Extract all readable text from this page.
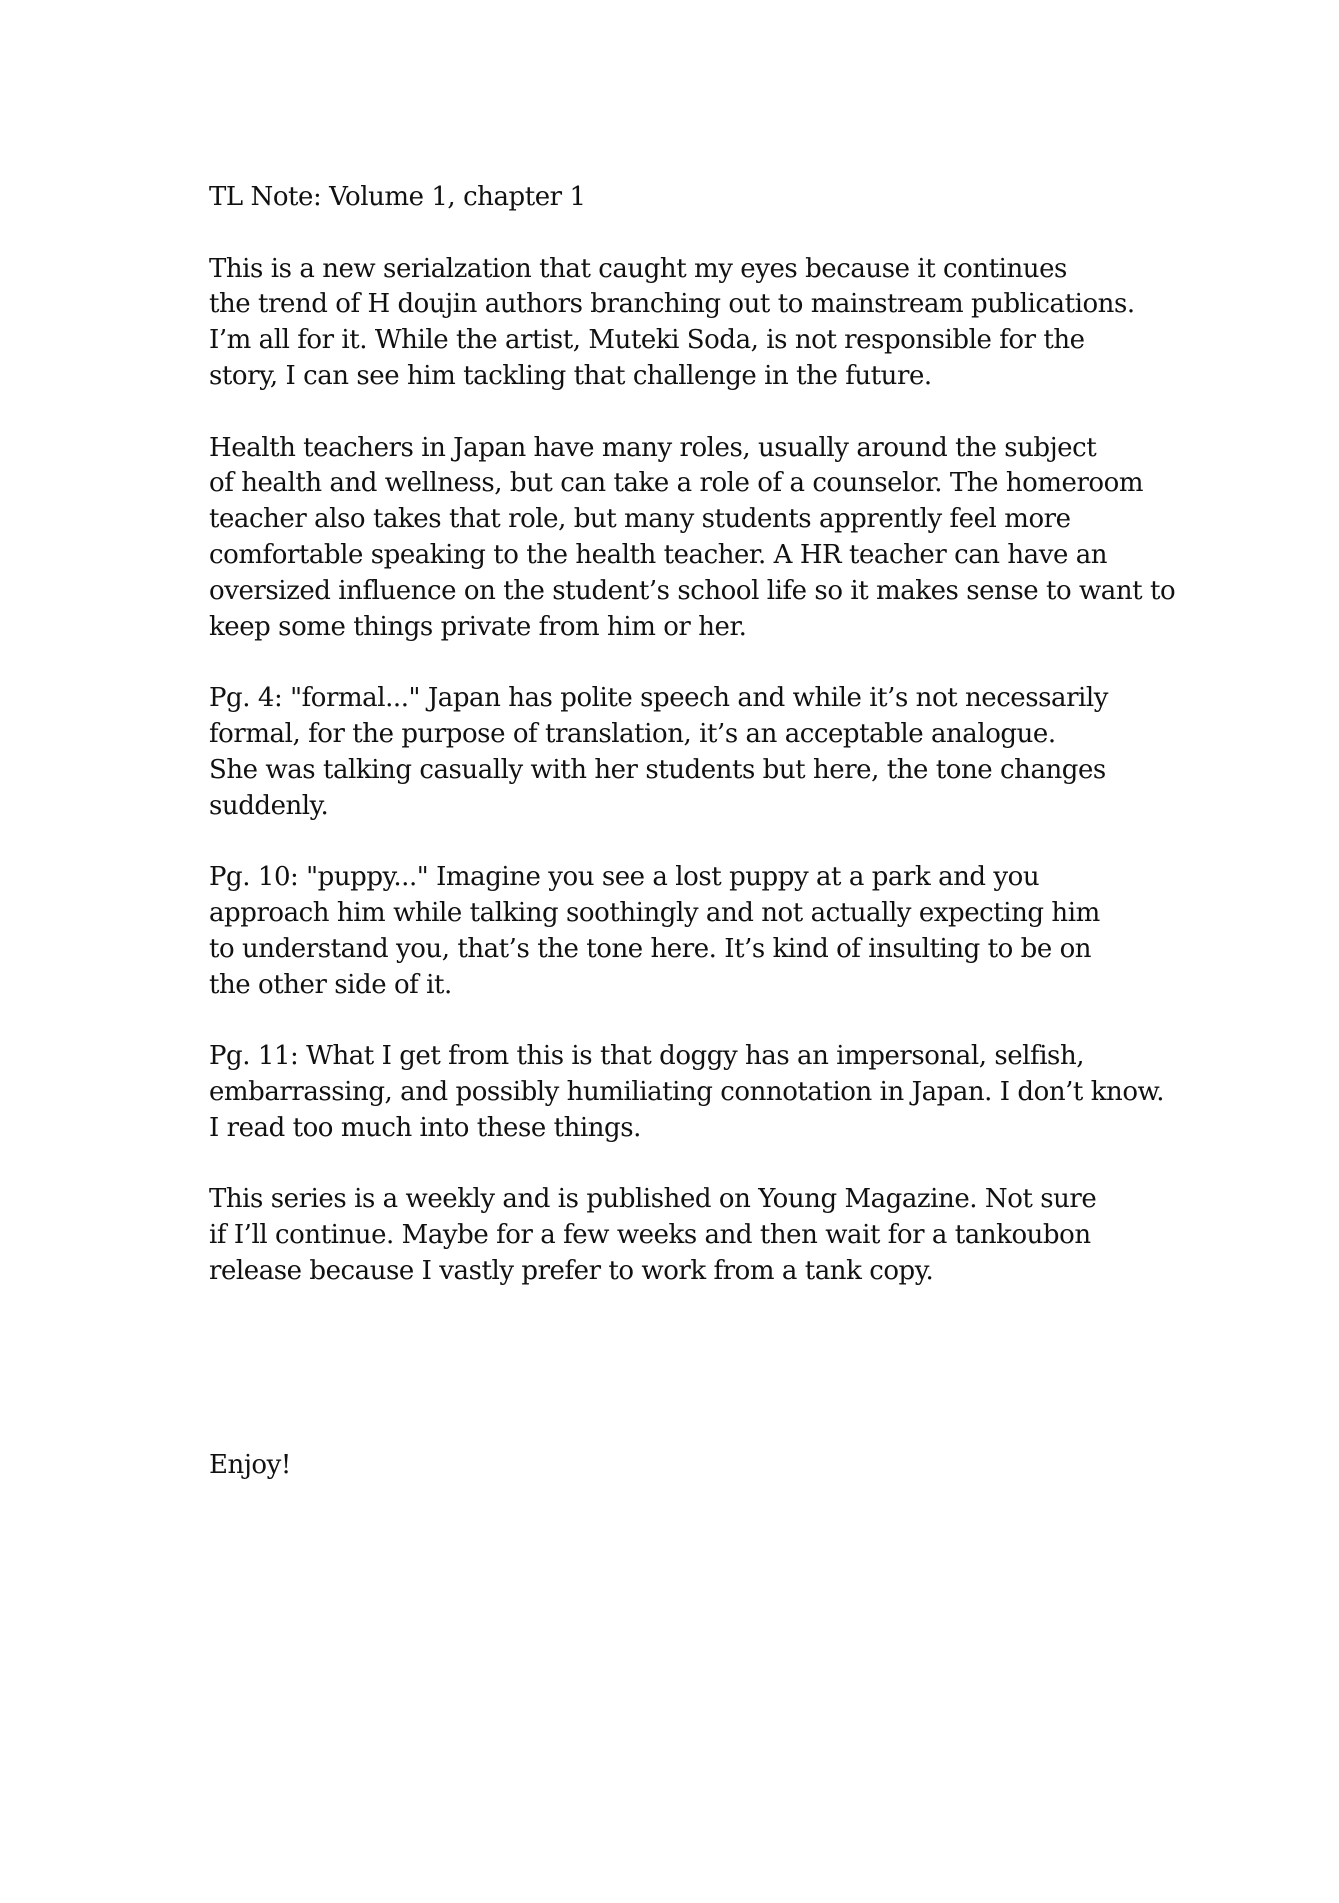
TL Note: Volume 1, chapter 1
This is a new serialzation that caught my eyes because it continues
the trend of H doujin authors branching out to mainstream publications.
I’m all for it. While the artist, Muteki Soda, is not responsible for the
story, I can see him tackling that challenge in the future.
Health teachers in Japan have many roles, usually around the subject
of health and wellness, but can take a role of a counselor. The homeroom
teacher also takes that role, but many students apprently feel more
comfortable speaking to the health teacher. A HR teacher can have an
oversized influence on the student’s school life so it makes sense to want to
keep some things private from him or her.
Pg. 4: "formal..." Japan has polite speech and while it’s not necessarily
formal, for the purpose of translation, it’s an acceptable analogue.
She was talking casually with her students but here, the tone changes
suddenly.
Pg. 10: "puppy..." Imagine you see a lost puppy at a park and you
approach him while talking soothingly and not actually expecting him
to understand you, that’s the tone here. It’s kind of insulting to be on
the other side of it.
Pg. 11: What I get from this is that doggy has an impersonal, selfish,
embarrassing, and possibly humiliating connotation in Japan. I don’t know.
I read too much into these things.
This series is a weekly and is published on Young Magazine. Not sure
if I’ll continue. Maybe for a few weeks and then wait for a tankoubon
release because I vastly prefer to work from a tank copy.
Enjoy!
